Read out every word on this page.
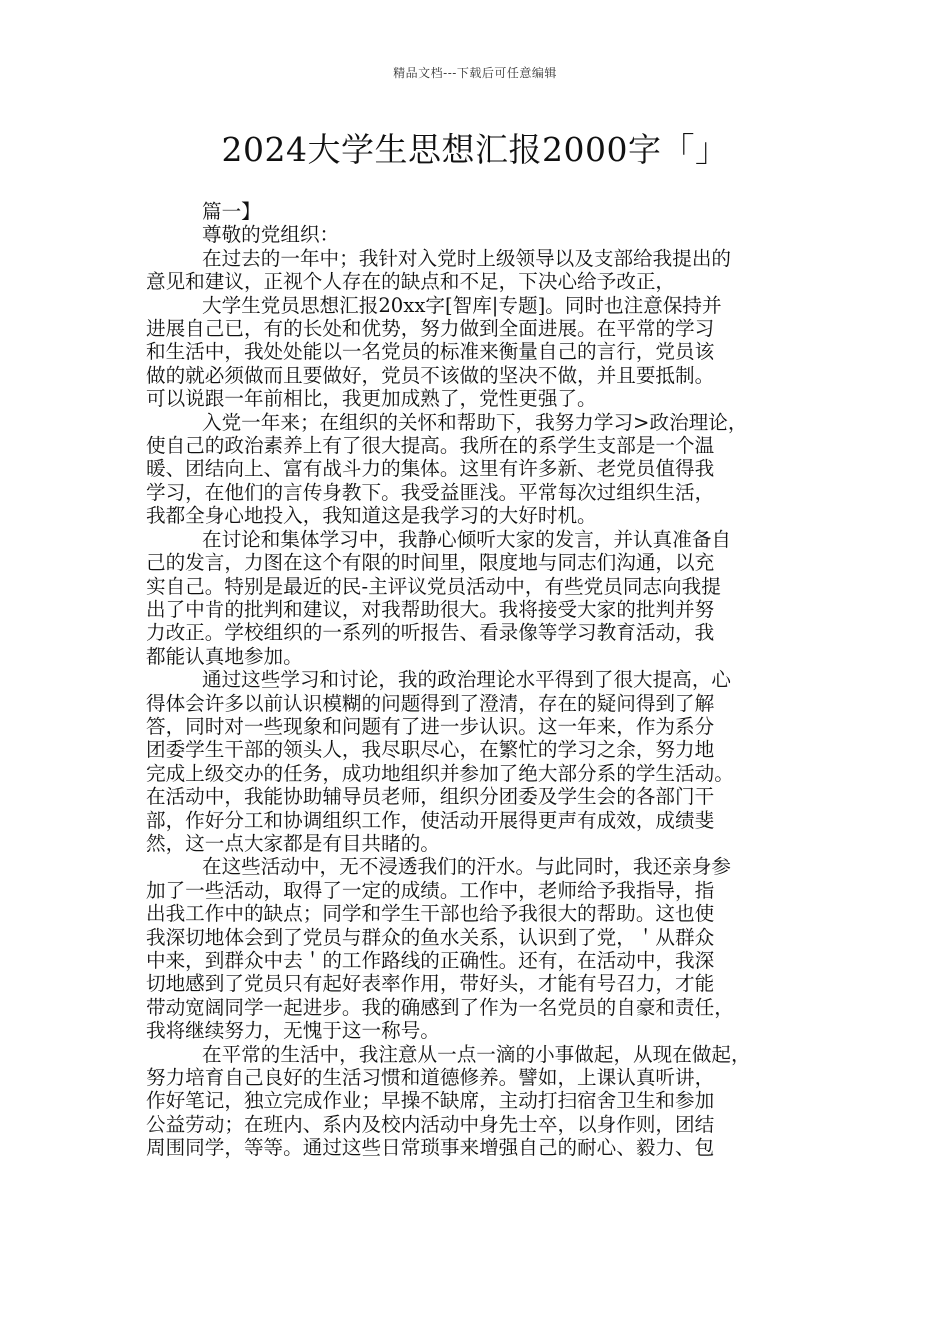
精品文档---下载后可任意编辑
2024大学生思想汇报2000字「」
篇一】
尊敬的党组织：
在过去的一年中；我针对入党时上级领导以及支部给我提出的
意见和建议，正视个人存在的缺点和不足，下决心给予改正，
大学生党员思想汇报20xx字[智库|专题]。同时也注意保持并
进展自己已，有的长处和优势，努力做到全面进展。在平常的学习
和生活中，我处处能以一名党员的标准来衡量自己的言行，党员该
做的就必须做而且要做好，党员不该做的坚决不做，并且要抵制。
可以说跟一年前相比，我更加成熟了，党性更强了。
入党一年来；在组织的关怀和帮助下，我努力学习>政治理论，
使自己的政治素养上有了很大提高。我所在的系学生支部是一个温
暖、团结向上、富有战斗力的集体。这里有许多新、老党员值得我
学习，在他们的言传身教下。我受益匪浅。平常每次过组织生活，
我都全身心地投入，我知道这是我学习的大好时机。
在讨论和集体学习中，我静心倾听大家的发言，并认真准备自
己的发言，力图在这个有限的时间里，限度地与同志们沟通，以充
实自己。特别是最近的民-主评议党员活动中，有些党员同志向我提
出了中肯的批判和建议，对我帮助很大。我将接受大家的批判并努
力改正。学校组织的一系列的听报告、看录像等学习教育活动，我
都能认真地参加。
通过这些学习和讨论，我的政治理论水平得到了很大提高，心
得体会许多以前认识模糊的问题得到了澄清，存在的疑问得到了解
答，同时对一些现象和问题有了进一步认识。这一年来，作为系分
团委学生干部的领头人，我尽职尽心，在繁忙的学习之余，努力地
完成上级交办的任务，成功地组织并参加了绝大部分系的学生活动。
在活动中，我能协助辅导员老师，组织分团委及学生会的各部门干
部，作好分工和协调组织工作，使活动开展得更声有成效，成绩斐
然，这一点大家都是有目共睹的。
在这些活动中，无不浸透我们的汗水。与此同时，我还亲身参
加了一些活动，取得了一定的成绩。工作中，老师给予我指导，指
出我工作中的缺点；同学和学生干部也给予我很大的帮助。这也使
我深切地体会到了党员与群众的鱼水关系，认识到了党，＇从群众
中来，到群众中去＇的工作路线的正确性。还有，在活动中，我深
切地感到了党员只有起好表率作用，带好头，才能有号召力，才能
带动宽阔同学一起进步。我的确感到了作为一名党员的自豪和责任，
我将继续努力，无愧于这一称号。
在平常的生活中，我注意从一点一滴的小事做起，从现在做起，
努力培育自己良好的生活习惯和道德修养。譬如，上课认真听讲，
作好笔记，独立完成作业；早操不缺席，主动打扫宿舍卫生和参加
公益劳动；在班内、系内及校内活动中身先士卒，以身作则，团结
周围同学，等等。通过这些日常琐事来增强自己的耐心、毅力、包
